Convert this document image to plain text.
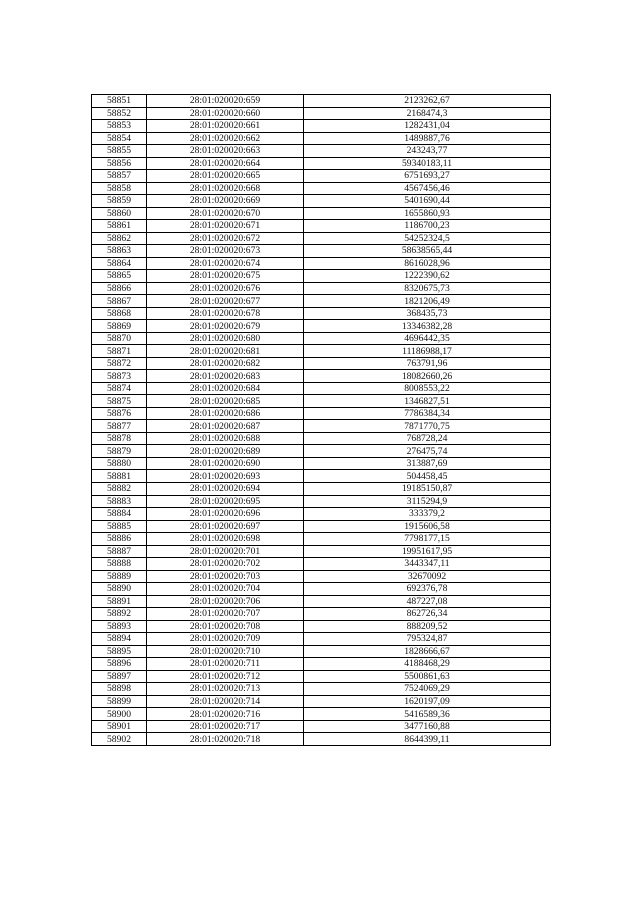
58851	28:01:020020:659	2123262,67
58852	28:01:020020:660	2168474,3
58853	28:01:020020:661	1282431,04
58854	28:01:020020:662	1489887,76
58855	28:01:020020:663	243243,77
58856	28:01:020020:664	59340183,11
58857	28:01:020020:665	6751693,27
58858	28:01:020020:668	4567456,46
58859	28:01:020020:669	5401690,44
58860	28:01:020020:670	1655860,93
58861	28:01:020020:671	1186700,23
58862	28:01:020020:672	54252324,5
58863	28:01:020020:673	58638565,44
58864	28:01:020020:674	8616028,96
58865	28:01:020020:675	1222390,62
58866	28:01:020020:676	8320675,73
58867	28:01:020020:677	1821206,49
58868	28:01:020020:678	368435,73
58869	28:01:020020:679	13346382,28
58870	28:01:020020:680	4696442,35
58871	28:01:020020:681	11186988,17
58872	28:01:020020:682	763791,96
58873	28:01:020020:683	18082660,26
58874	28:01:020020:684	8008553,22
58875	28:01:020020:685	1346827,51
58876	28:01:020020:686	7786384,34
58877	28:01:020020:687	7871770,75
58878	28:01:020020:688	768728,24
58879	28:01:020020:689	276475,74
58880	28:01:020020:690	313887,69
58881	28:01:020020:693	504458,45
58882	28:01:020020:694	19185150,87
58883	28:01:020020:695	3115294,9
58884	28:01:020020:696	333379,2
58885	28:01:020020:697	1915606,58
58886	28:01:020020:698	7798177,15
58887	28:01:020020:701	19951617,95
58888	28:01:020020:702	3443347,11
58889	28:01:020020:703	32670092
58890	28:01:020020:704	692376,78
58891	28:01:020020:706	487227,08
58892	28:01:020020:707	862726,34
58893	28:01:020020:708	888209,52
58894	28:01:020020:709	795324,87
58895	28:01:020020:710	1828666,67
58896	28:01:020020:711	4188468,29
58897	28:01:020020:712	5500861,63
58898	28:01:020020:713	7524069,29
58899	28:01:020020:714	1620197,09
58900	28:01:020020:716	5416589,36
58901	28:01:020020:717	3477160,88
58902	28:01:020020:718	8644399,11
